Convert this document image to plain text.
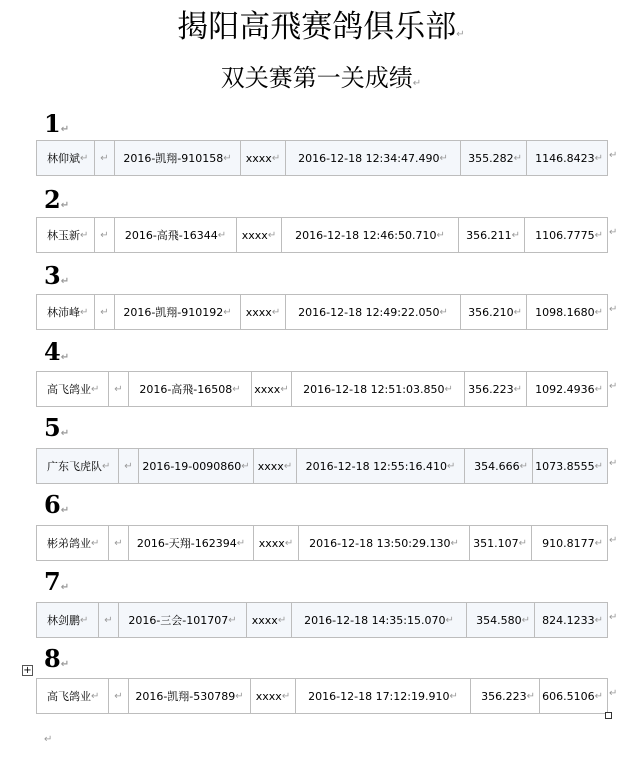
揭阳高飛赛鸽俱乐部↵
双关赛第一关成绩↵
1↵
林仰斌 ↵ ↵ 2016-凯翔-910158 ↵ xxxx ↵ 2016-12-18 12:34:47.490 ↵ 355.282 ↵ 1146.8423 ↵ ↵
2↵
林玉新 ↵ ↵ 2016-高飛-16344 ↵ xxxx ↵ 2016-12-18 12:46:50.710 ↵ 356.211 ↵ 1106.7775 ↵ ↵
3↵
林沛峰 ↵ ↵ 2016-凯翔-910192 ↵ xxxx ↵ 2016-12-18 12:49:22.050 ↵ 356.210 ↵ 1098.1680 ↵ ↵
4↵
高飞鸽业 ↵ ↵ 2016-高飛-16508 ↵ xxxx ↵ 2016-12-18 12:51:03.850 ↵ 356.223 ↵ 1092.4936 ↵ ↵
5↵
广东飞虎队 ↵ ↵ 2016-19-0090860 ↵ xxxx ↵ 2016-12-18 12:55:16.410 ↵ 354.666 ↵ 1073.8555 ↵ ↵
6↵
彬弟鸽业 ↵ ↵ 2016-天翔-162394 ↵ xxxx ↵ 2016-12-18 13:50:29.130 ↵ 351.107 ↵ 910.8177 ↵ ↵
7↵
林剑鹏 ↵ ↵ 2016-三会-101707 ↵ xxxx ↵ 2016-12-18 14:35:15.070 ↵ 354.580 ↵ 824.1233 ↵ ↵
8↵
高飞鸽业 ↵ ↵ 2016-凯翔-530789 ↵ xxxx ↵ 2016-12-18 17:12:19.910 ↵ 356.223 ↵ 606.5106 ↵ ↵
+
↵
